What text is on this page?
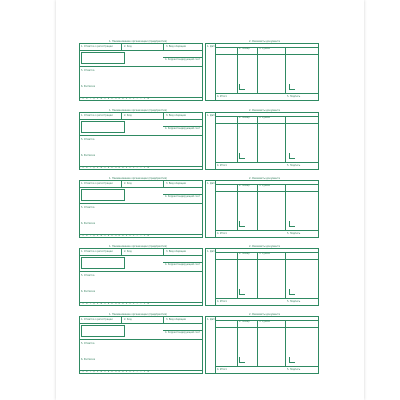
1. Наименование организации (предприятия)	2. Реквизиты документа
1. Отметка о регистрации	2. Код	3. Вид операции
4. Корреспондирующий счет
5. Отметка
6. Расписка
А Б В Г Д Е Ж З И К Л М Н О П Р С Т У Ф
1. Дата
2. Номер	3. Сумма
4. Итого	5. Подпись
1. Наименование организации (предприятия)	2. Реквизиты документа
1. Отметка о регистрации	2. Код	3. Вид операции
4. Корреспондирующий счет
5. Отметка
6. Расписка
А Б В Г Д Е Ж З И К Л М Н О П Р С Т У Ф
1. Дата
2. Номер	3. Сумма
4. Итого	5. Подпись
1. Наименование организации (предприятия)	2. Реквизиты документа
1. Отметка о регистрации	2. Код	3. Вид операции
4. Корреспондирующий счет
5. Отметка
6. Расписка
А Б В Г Д Е Ж З И К Л М Н О П Р С Т У Ф
1. Дата
2. Номер	3. Сумма
4. Итого	5. Подпись
1. Наименование организации (предприятия)	2. Реквизиты документа
1. Отметка о регистрации	2. Код	3. Вид операции
4. Корреспондирующий счет
5. Отметка
6. Расписка
А Б В Г Д Е Ж З И К Л М Н О П Р С Т У Ф
1. Дата
2. Номер	3. Сумма
4. Итого	5. Подпись
1. Наименование организации (предприятия)	2. Реквизиты документа
1. Отметка о регистрации	2. Код	3. Вид операции
4. Корреспондирующий счет
5. Отметка
6. Расписка
А Б В Г Д Е Ж З И К Л М Н О П Р С Т У Ф
1. Дата
2. Номер	3. Сумма
4. Итого	5. Подпись
